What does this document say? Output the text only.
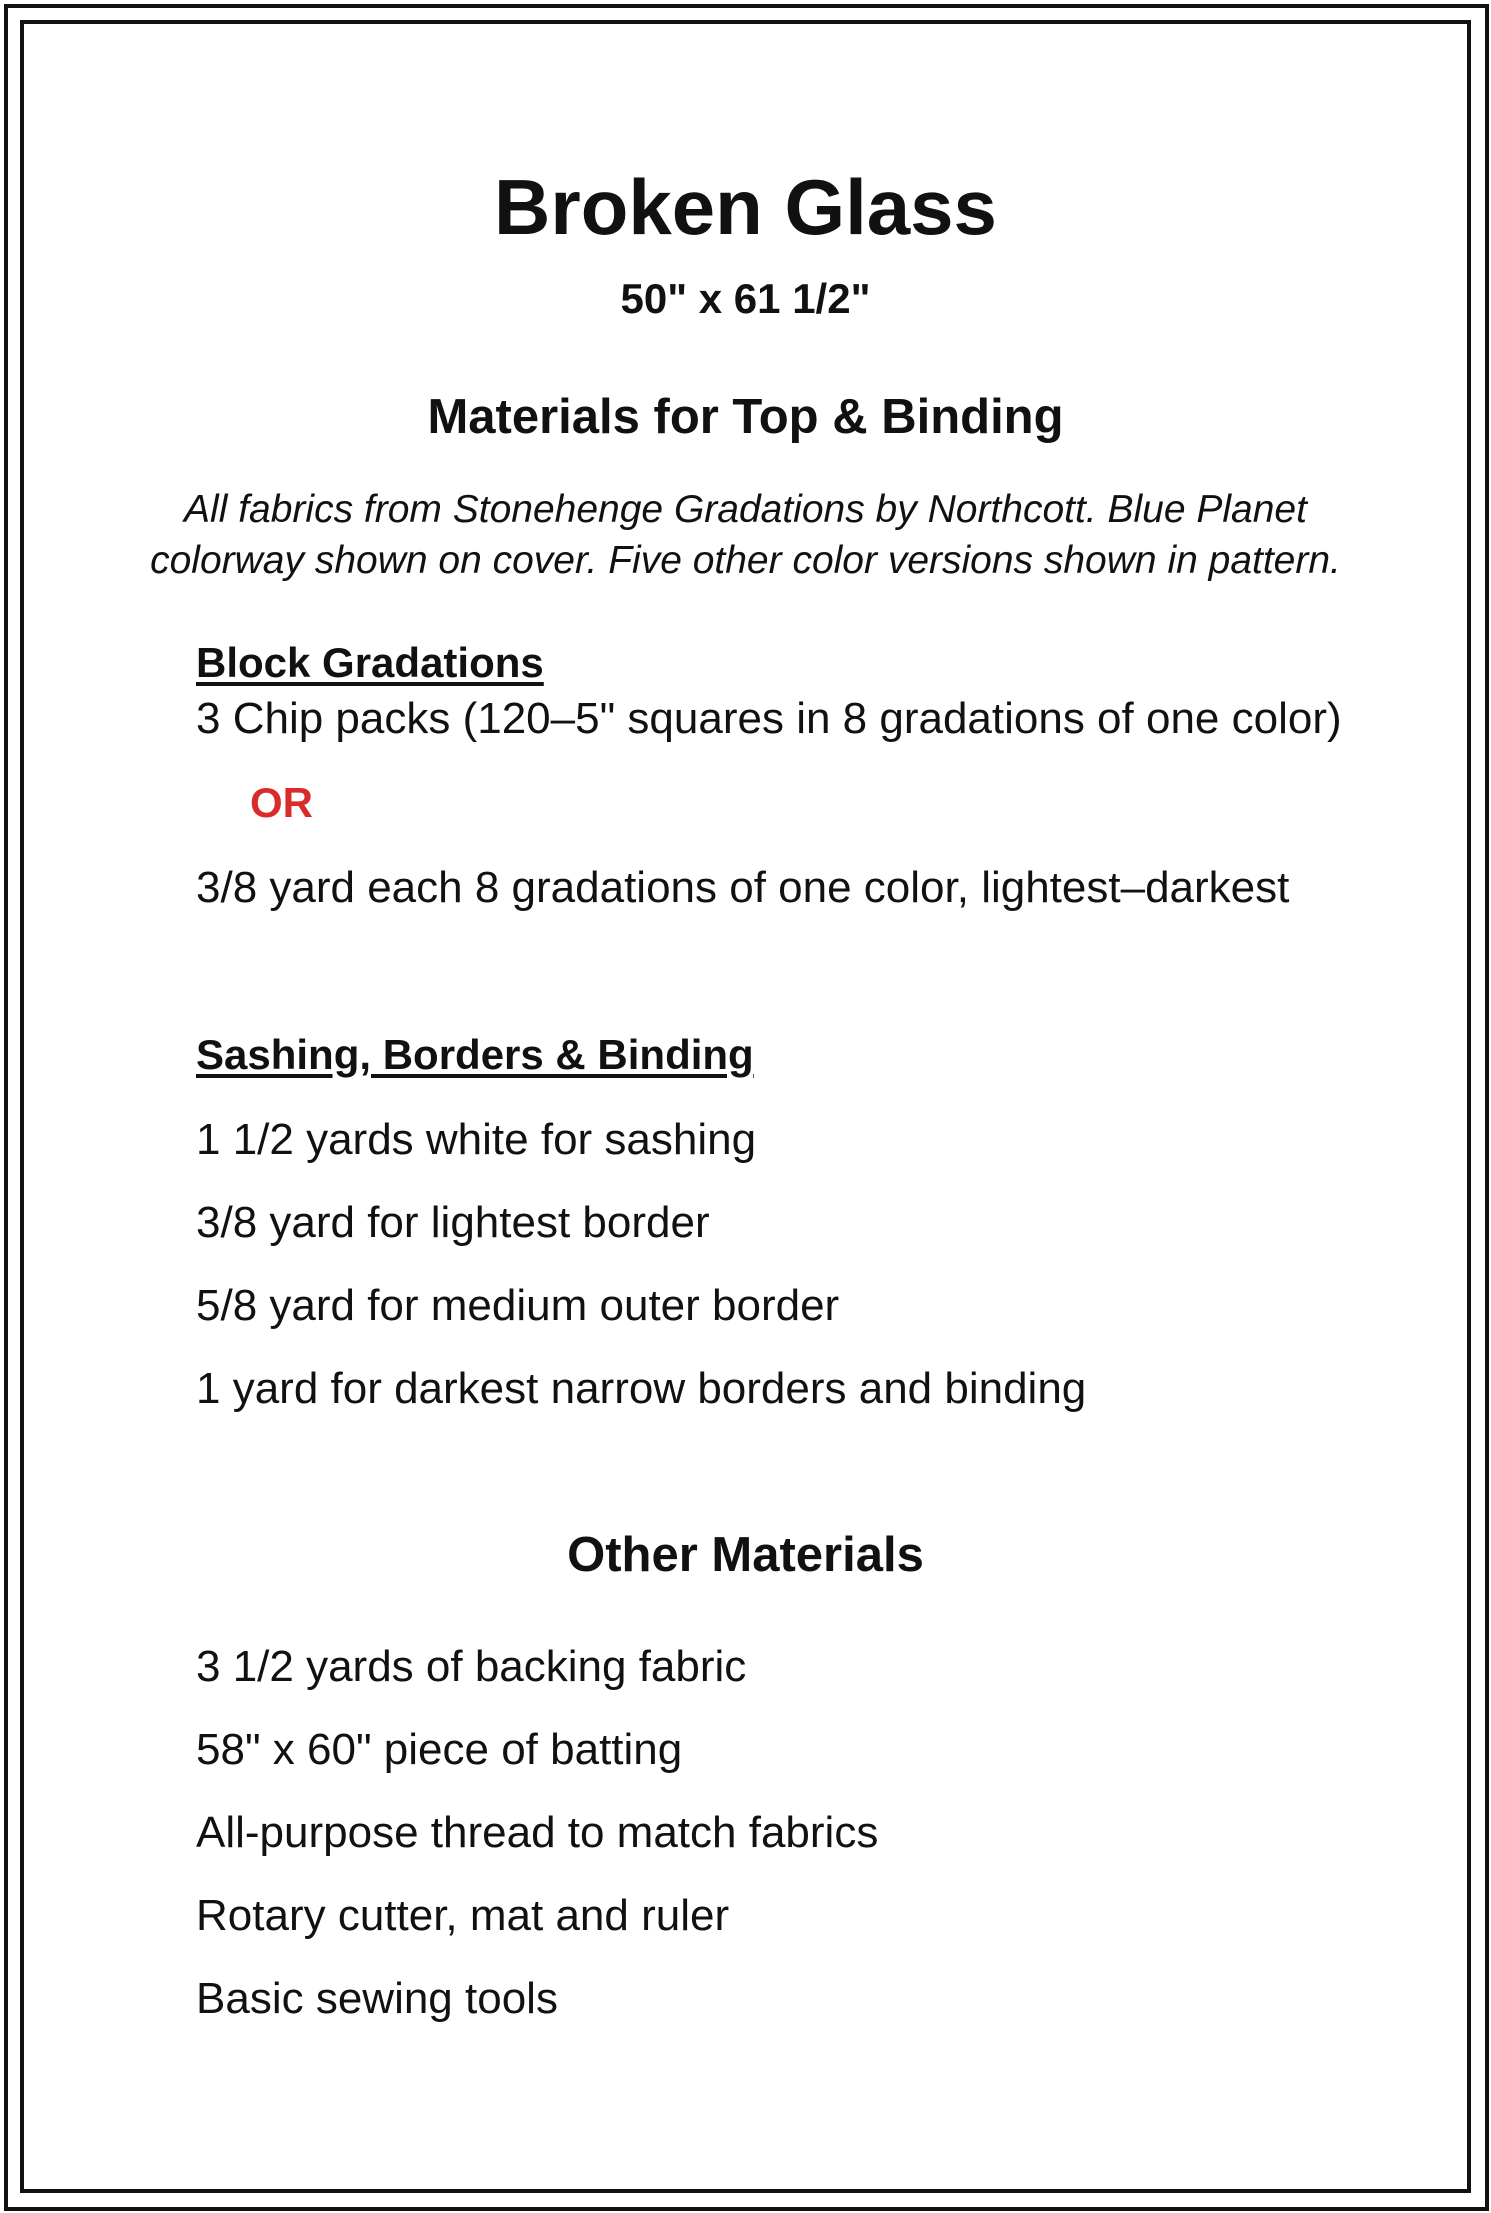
Broken Glass
50" x 61 1/2"
Materials for Top & Binding
All fabrics from Stonehenge Gradations by Northcott. Blue Planet
colorway shown on cover. Five other color versions shown in pattern.
Block Gradations
3 Chip packs (120–5" squares in 8 gradations of one color)
OR
3/8 yard each 8 gradations of one color, lightest–darkest
Sashing, Borders & Binding
1 1/2 yards white for sashing
3/8 yard for lightest border
5/8 yard for medium outer border
1 yard for darkest narrow borders and binding
Other Materials
3 1/2 yards of backing fabric
58" x 60" piece of batting
All-purpose thread to match fabrics
Rotary cutter, mat and ruler
Basic sewing tools
